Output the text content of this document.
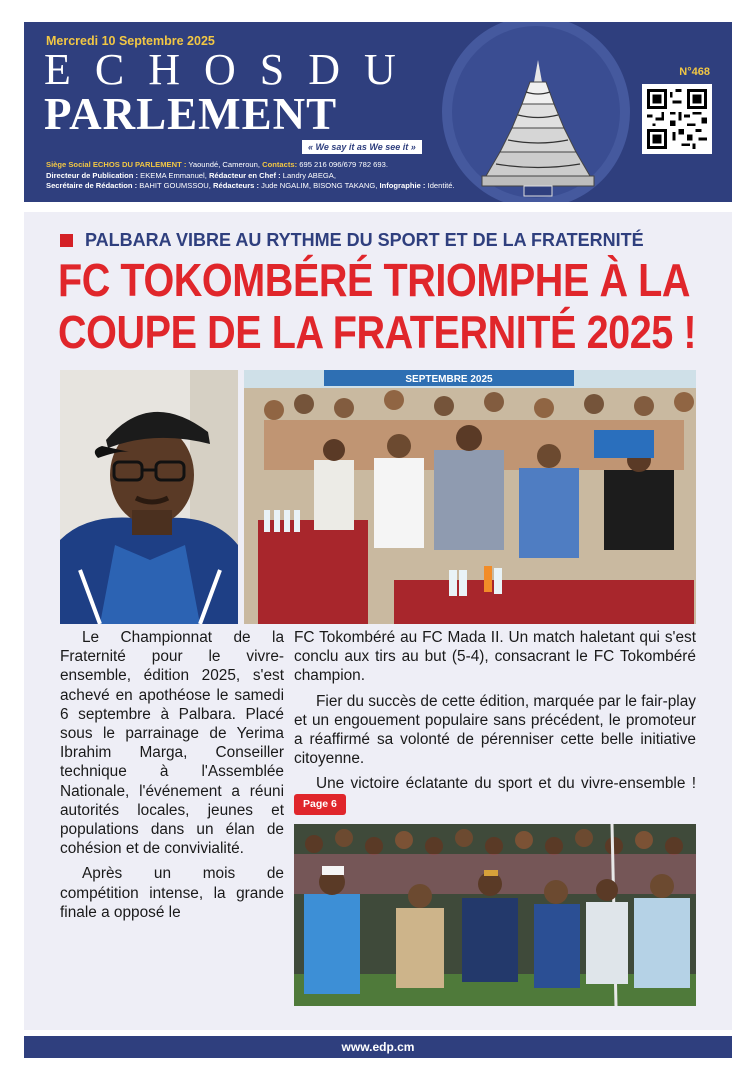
Mercredi 10 Septembre 2025
ECHOSDU
PARLEMENT
« We say it as We see it »
Siège Social ECHOS DU PARLEMENT : Yaoundé, Cameroun, Contacts: 695 216 096/679 782 693.
Directeur de Publication : EKEMA Emmanuel, Rédacteur en Chef : Landry ABEGA,
Secrétaire de Rédaction : BAHIT GOUMSSOU, Rédacteurs : Jude NGALIM, BISONG TAKANG, Infographie : Identité.
N°468
PALBARA VIBRE AU RYTHME DU SPORT ET DE LA FRATERNITÉ
FC TOKOMBÉRÉ TRIOMPHE À LA COUPE DE LA FRATERNITÉ 2025 !
SEPTEMBRE 2025

Le Championnat de la Fraternité pour le vivre-ensemble, édition 2025, s'est achevé en apothéose le samedi 6 septembre à Palbara. Placé sous le parrainage de Yerima Ibrahim Marga, Conseiller technique à l'Assemblée Nationale, l'événement a réuni autorités locales, jeunes et populations dans un élan de cohésion et de convivialité.

Après un mois de compétition intense, la grande finale a opposé le

FC Tokombéré au FC Mada II. Un match haletant qui s'est conclu aux tirs au but (5-4), consacrant le FC Tokombéré champion.

Fier du succès de cette édition, marquée par le fair-play et un engouement populaire sans précédent, le promoteur a réaffirmé sa volonté de pérenniser cette belle initiative citoyenne.

Une victoire éclatante du sport et du vivre-ensemble ! Page 6

www.edp.cm
